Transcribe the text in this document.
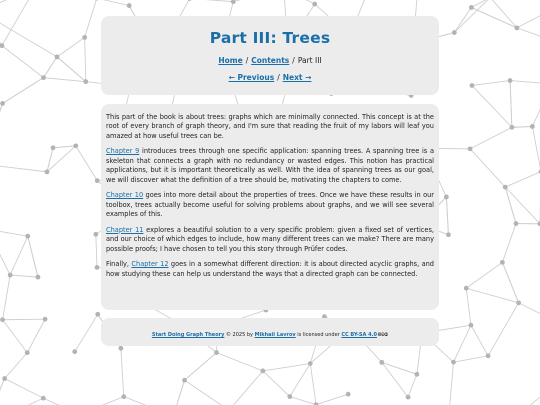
Part III: Trees
Home / Contents / Part III
← Previous / Next →

This part of the book is about trees: graphs which are minimally connected. This concept is at the root of every branch of graph theory, and I'm sure that reading the fruit of my labors will leaf you amazed at how useful trees can be.

Chapter 9 introduces trees through one specific application: spanning trees. A spanning tree is a skeleton that connects a graph with no redundancy or wasted edges. This notion has practical applications, but it is important theoretically as well. With the idea of spanning trees as our goal, we will discover what the definition of a tree should be, motivating the chapters to come.

Chapter 10 goes into more detail about the properties of trees. Once we have these results in our toolbox, trees actually become useful for solving problems about graphs, and we will see several examples of this.

Chapter 11 explores a beautiful solution to a very specific problem: given a fixed set of vertices, and our choice of which edges to include, how many different trees can we make? There are many possible proofs; I have chosen to tell you this story through Prüfer codes.

Finally, Chapter 12 goes in a somewhat different direction: it is about directed acyclic graphs, and how studying these can help us understand the ways that a directed graph can be connected.

Start Doing Graph Theory © 2025 by Mikhail Lavrov is licensed under CC BY-SA 4.0🅭🅯🄎
